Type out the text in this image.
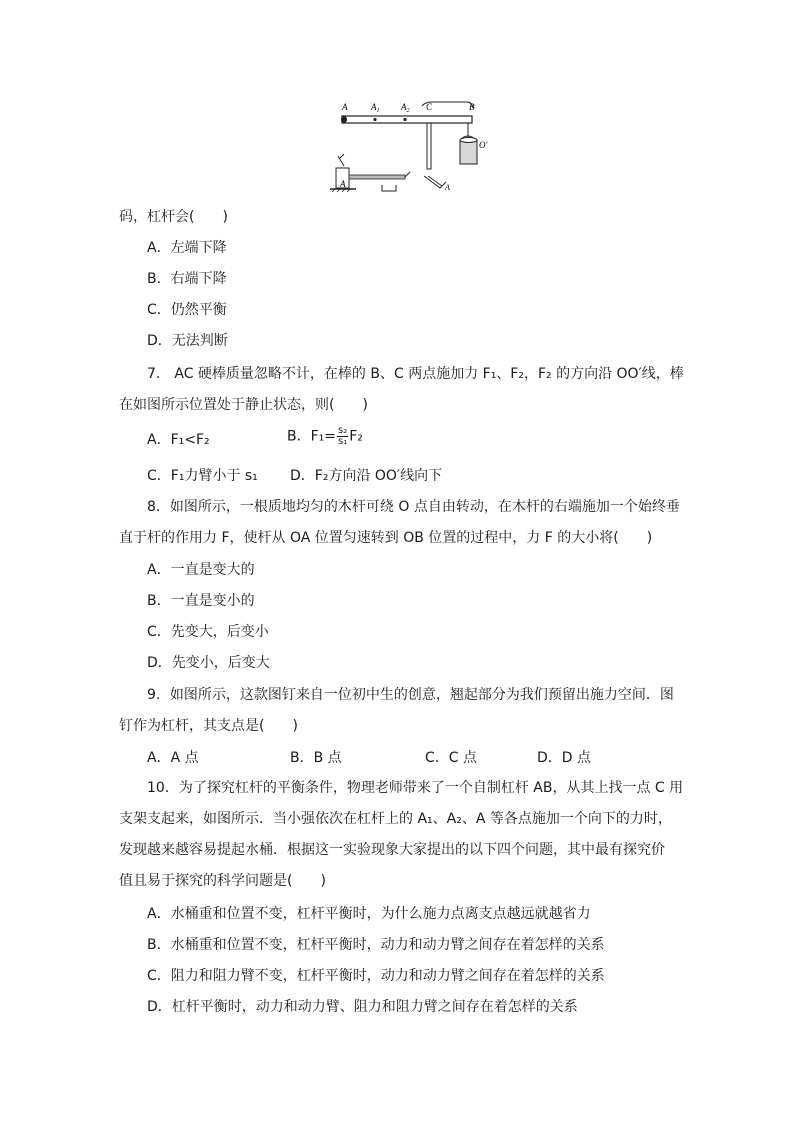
A	$A_1$ $A_2$ C	B
O'
A	A
码，杠杆会(　　)
A．左端下降
B．右端下降
C．仍然平衡
D．无法判断
7.　AC 硬棒质量忽略不计，在棒的 B、C 两点施加力 F₁、F₂，F₂ 的方向沿 OO′线，棒
在如图所示位置处于静止状态，则(　　)
A．F₁<F₂	B．$F_1= \frac{\text{s₂}}{\text{s₁}} F_2$
C．F₁力臂小于 s₁ D．F₂方向沿 OO′线向下
8．如图所示，一根质地均匀的木杆可绕 O 点自由转动，在木杆的右端施加一个始终垂
直于杆的作用力 F，使杆从 OA 位置匀速转到 OB 位置的过程中，力 F 的大小将(　　)
A．一直是变大的
B．一直是变小的
C．先变大，后变小
D．先变小，后变大
9．如图所示，这款图钉来自一位初中生的创意，翘起部分为我们预留出施力空间．图
钉作为杠杆，其支点是(　　)
A．A 点	B．B 点	C．C 点	D．D 点
10．为了探究杠杆的平衡条件，物理老师带来了一个自制杠杆 AB，从其上找一点 C 用
支架支起来，如图所示．当小强依次在杠杆上的 A₁、A₂、A 等各点施加一个向下的力时，
发现越来越容易提起水桶．根据这一实验现象大家提出的以下四个问题，其中最有探究价
值且易于探究的科学问题是(　　)
A．水桶重和位置不变，杠杆平衡时，为什么施力点离支点越远就越省力
B．水桶重和位置不变，杠杆平衡时，动力和动力臂之间存在着怎样的关系
C．阻力和阻力臂不变，杠杆平衡时，动力和动力臂之间存在着怎样的关系
D．杠杆平衡时，动力和动力臂、阻力和阻力臂之间存在着怎样的关系
